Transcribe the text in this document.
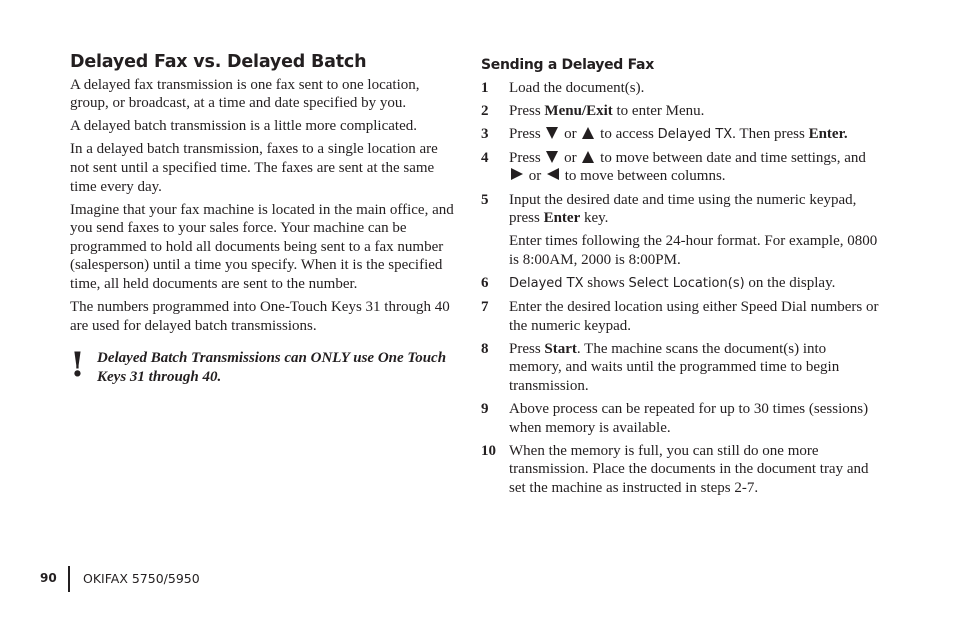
Delayed Fax vs. Delayed Batch

A delayed fax transmission is one fax sent to one location, group, or broadcast, at a time and date specified by you.

A delayed batch transmission is a little more complicated.

In a delayed batch transmission, faxes to a single location are not sent until a specified time. The faxes are sent at the same time every day.

Imagine that your fax machine is located in the main office, and you send faxes to your sales force. Your machine can be programmed to hold all documents being sent to a fax number (salesperson) until a time you specify. When it is the specified time, all held documents are sent to the number.

The numbers programmed into One-Touch Keys 31 through 40 are used for delayed batch transmissions.

! Delayed Batch Transmissions can ONLY use One Touch Keys 31 through 40.
Sending a Delayed Fax
1 Load the document(s).
2 Press Menu/Exit to enter Menu.
3 Press or to access Delayed TX. Then press Enter.
4 Press or to move between date and time settings, and  or to move between columns.
5 Input the desired date and time using the numeric keypad, press Enter key.
Enter times following the 24-hour format. For example, 0800 is 8:00AM, 2000 is 8:00PM.
6 Delayed TX shows Select Location(s) on the display.
7 Enter the desired location using either Speed Dial numbers or the numeric keypad.
8 Press Start. The machine scans the document(s) into memory, and waits until the programmed time to begin transmission.
9 Above process can be repeated for up to 30 times (sessions) when memory is available.
10 When the memory is full, you can still do one more transmission. Place the documents in the document tray and set the machine as instructed in steps 2-7.
90 OKIFAX 5750/5950
